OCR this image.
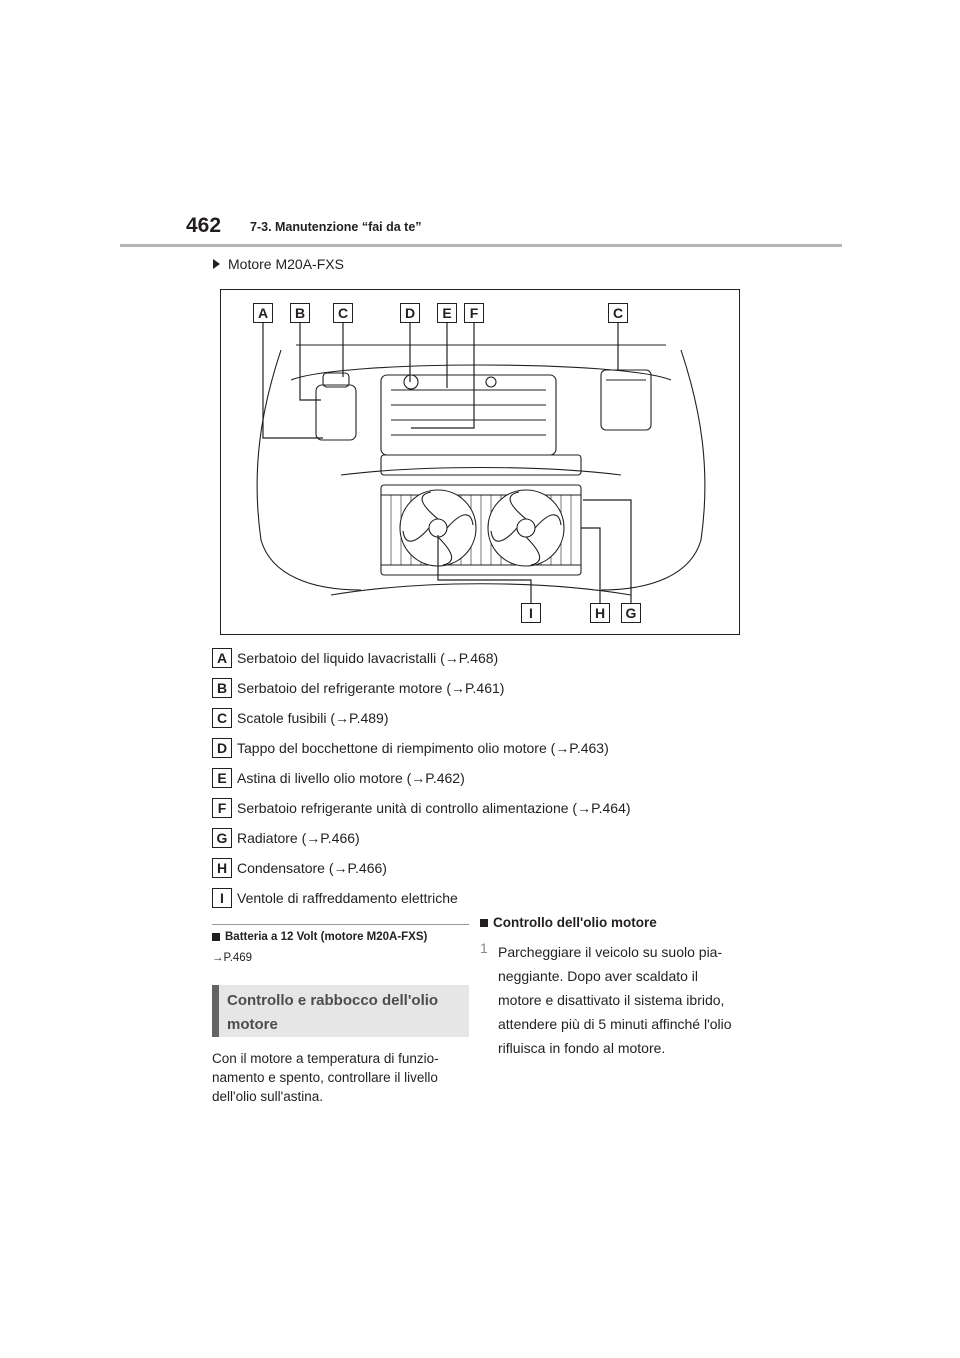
462 7-3. Manutenzione “fai da te”
Motore M20A-FXS
A	B	C	D	E	F	C
I	H	G
A Serbatoio del liquido lavacristalli (→P.468)
B Serbatoio del refrigerante motore (→P.461)
C Scatole fusibili (→P.489)
D Tappo del bocchettone di riempimento olio motore (→P.463)
E Astina di livello olio motore (→P.462)
F Serbatoio refrigerante unità di controllo alimentazione (→P.464)
G Radiatore (→P.466)
H Condensatore (→P.466)
I Ventole di raffreddamento elettriche
Batteria a 12 Volt (motore M20A-FXS)
→P.469
Controllo e rabbocco dell'olio motore
Con il motore a temperatura di funzio- namento e spento, controllare il livello dell'olio sull'astina.
Controllo dell'olio motore
1 Parcheggiare il veicolo su suolo pia- neggiante. Dopo aver scaldato il motore e disattivato il sistema ibrido, attendere più di 5 minuti affinché l'olio rifluisca in fondo al motore.
